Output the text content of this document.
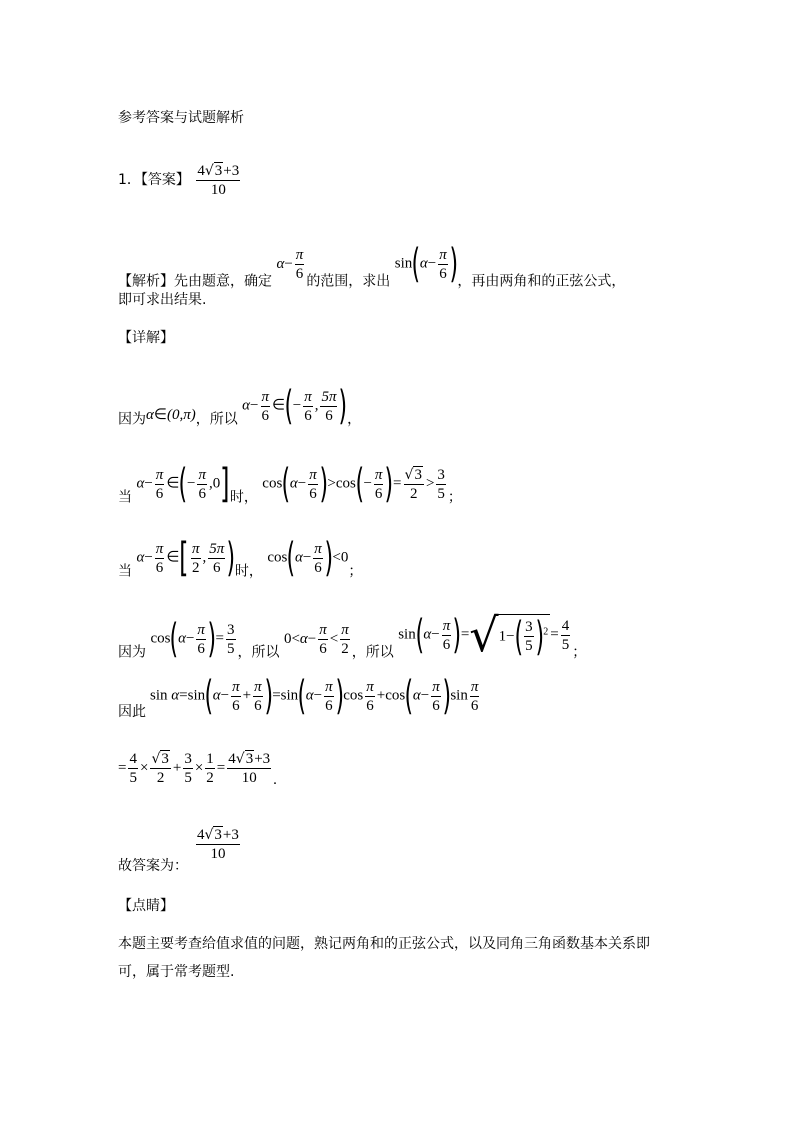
参考答案与试题解析
1．【答案】 $\frac{4√3+3}{10}$
【解析】先由题意，确定 $\alpha- \frac{\pi}{6}$ 的范围，求出 $\sin(\alpha- \frac{\pi}{6}$ )，再由两角和的正弦公式，
即可求出结果.
【详解】
因为α∈(0,π)，所以 $\alpha- \frac{\pi}{6}$ ∈(− $\frac{\pi}{6}$ , $\frac{5\pi}{6}$ )，
当 $\alpha- \frac{\pi}{6}$ ∈(− $\frac{\pi}{6} ,0$]时， $\cos(\alpha- \frac{\pi}{6} )>\cos(- \frac{\pi}{6}$ )= $\frac{√3}{2} > \frac{3}{5}$ ；
当 $\alpha- \frac{\pi}{6}$ ∈[ $\frac{\pi}{2}$ , $\frac{5\pi}{6}$ )时， $\cos(\alpha- \frac{\pi}{6} )<0$；
因为 $\cos(\alpha- \frac{\pi}{6}$ )= $\frac{3}{5}$ ，所以 $0<\alpha- \frac{\pi}{6} < \frac{\pi}{2}$ ，所以 $\sin(\alpha- \frac{\pi}{6} )=√1-( \frac{3}{5} )^2 = \frac{4}{5}$ ；
因此
$\sin \alpha=\sin(\alpha- \frac{\pi}{6} + \frac{\pi}{6} )=\sin(\alpha- \frac{\pi}{6} )\cos \frac{\pi}{6} +\cos(\alpha- \frac{\pi}{6} )\sin \frac{\pi}{6}$
= $\frac{4}{5} \times \frac{√3}{2} + \frac{3}{5} \times \frac{1}{2} = \frac{4√3+3}{10}$ .
故答案为：
$\frac{4√3+3}{10}$
【点睛】
本题主要考查给值求值的问题，熟记两角和的正弦公式，以及同角三角函数基本关系即
可，属于常考题型.
